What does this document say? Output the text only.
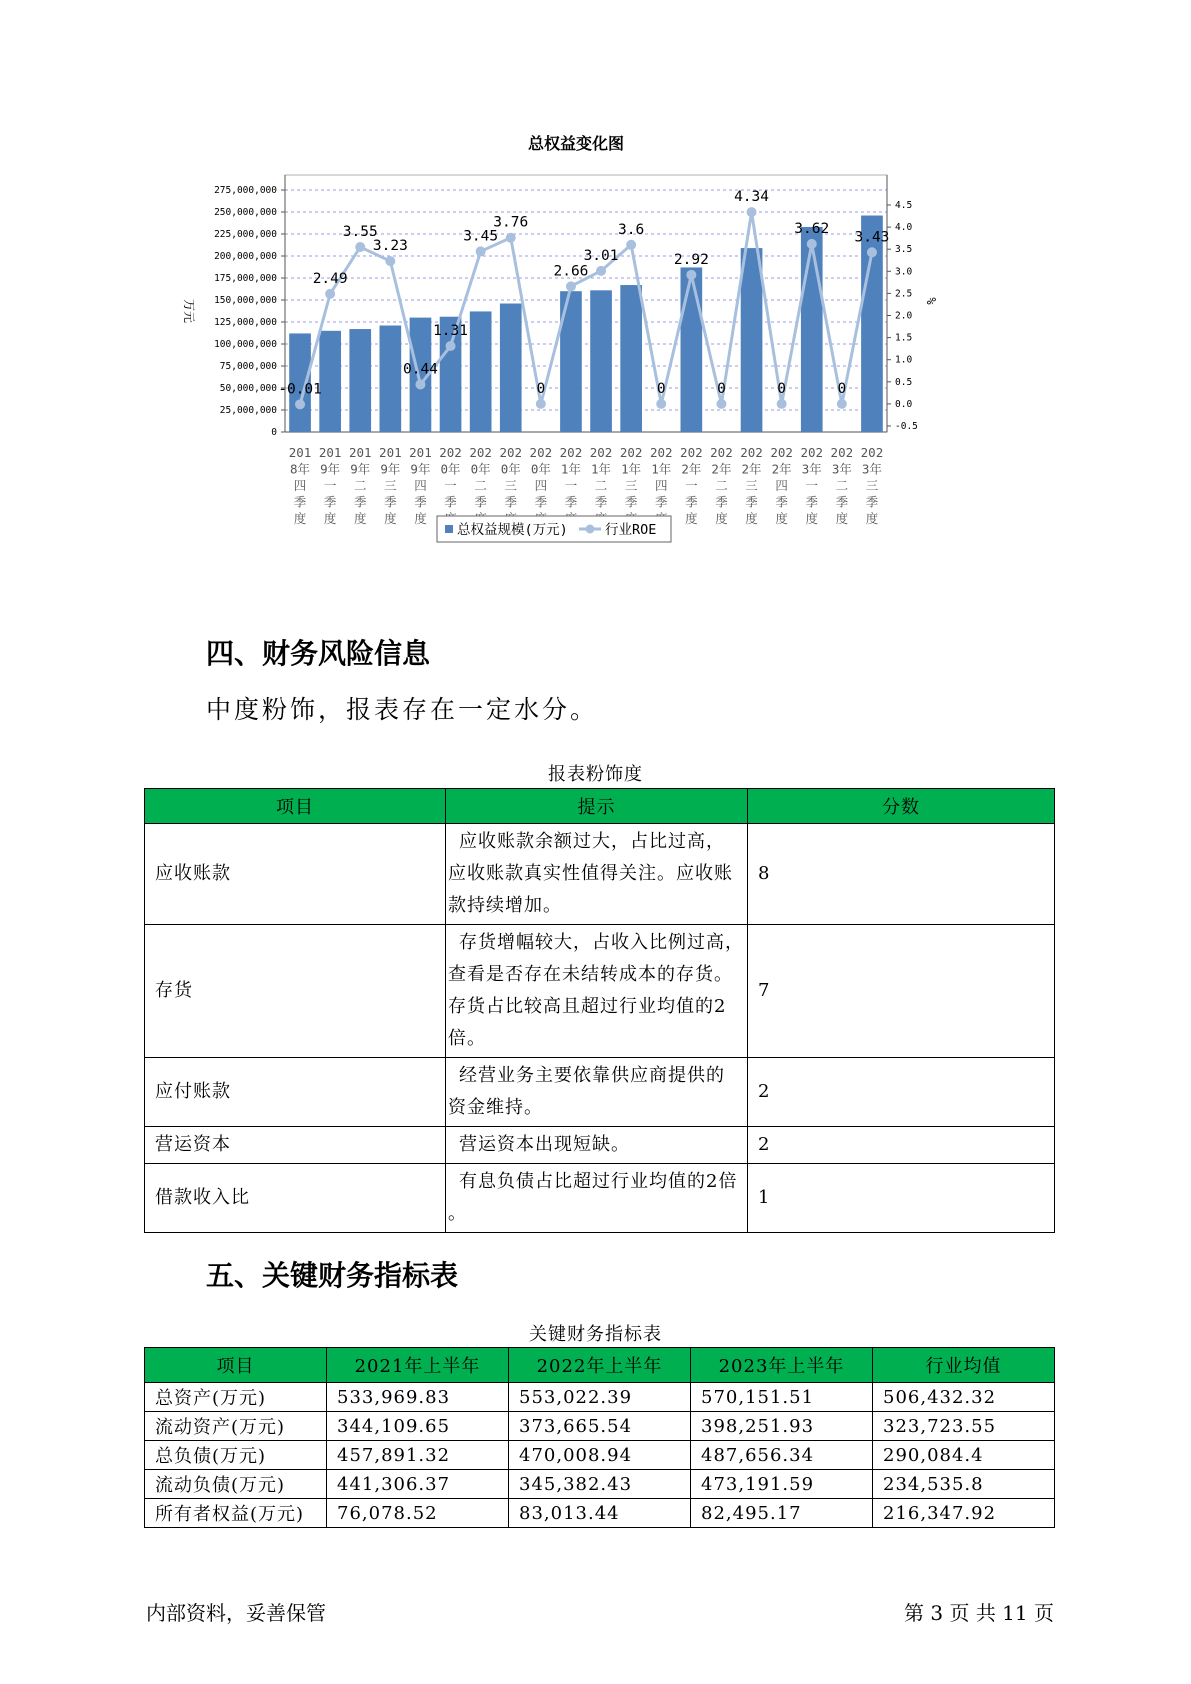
总权益变化图
0
25,000,000
50,000,000
75,000,000
100,000,000
125,000,000
150,000,000
175,000,000
200,000,000
225,000,000
250,000,000
275,000,000
-0.5
0.0
0.5
1.0
1.5
2.0
2.5
3.0
3.5
4.0
4.5
万元	%
201 8年四季度
201 9年一季度
201 9年二季度
201 9年三季度
201 9年四季度
202 0年一季
202 0年二季
202 0年三季
202 0年四季
202 1年一季
202 1年二季
202 1年三季
202 1年四季
202 2年一季度
202 2年二季度
202 2年三季度
202 2年四季度
202 3年一季度
202 3年二季度
202 3年三季度
-0.01
2.49
3.55
3.23
0.44
1.31
3.45
3.76
0
2.66
3.01
3.6
0
2.92
0
4.34
0
3.62
0
3.43
总权益规模(万元)	行业ROE
四、财务风险信息
中度粉饰，报表存在一定水分。
报表粉饰度
项目	提示	分数
应收账款	应收账款余额过大，占比过高，
应收账款真实性值得关注。应收账
款持续增加。	8
存货	存货增幅较大，占收入比例过高，
查看是否存在未结转成本的存货。
存货占比较高且超过行业均值的2
倍。	7
应付账款	经营业务主要依靠供应商提供的
资金维持。	2
营运资本	营运资本出现短缺。	2
借款收入比	有息负债占比超过行业均值的2倍
。	1
五、关键财务指标表
关键财务指标表
项目	2021年上半年	2022年上半年	2023年上半年	行业均值
总资产(万元)	533,969.83	553,022.39	570,151.51	506,432.32
流动资产(万元)	344,109.65	373,665.54	398,251.93	323,723.55
总负债(万元)	457,891.32	470,008.94	487,656.34	290,084.4
流动负债(万元)	441,306.37	345,382.43	473,191.59	234,535.8
所有者权益(万元)	76,078.52	83,013.44	82,495.17	216,347.92
内部资料，妥善保管	第 3 页 共 11 页
